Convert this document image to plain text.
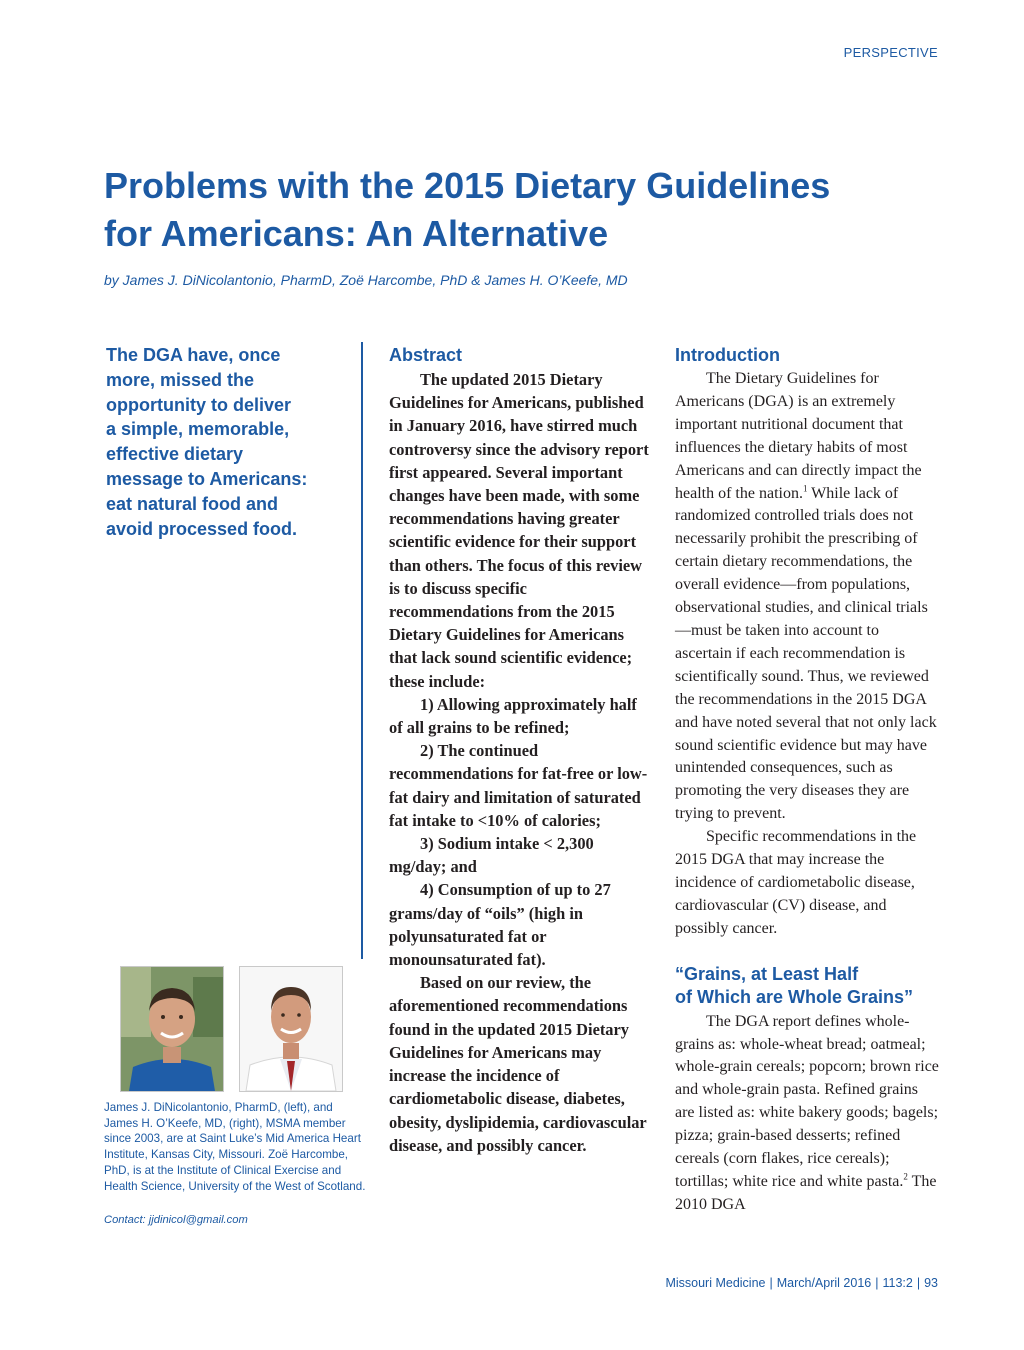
PERSPECTIVE
Problems with the 2015 Dietary Guidelines
for Americans: An Alternative
by James J. DiNicolantonio, PharmD, Zoë Harcombe, PhD & James H. O’Keefe, MD
The DGA have, once
more, missed the
opportunity to deliver
a simple, memorable,
effective dietary
message to Americans:
eat natural food and
avoid processed food.

James J. DiNicolantonio, PharmD, (left), and James H. O’Keefe, MD, (right), MSMA member since 2003, are at Saint Luke’s Mid America Heart Institute, Kansas City, Missouri. Zoë Harcombe, PhD, is at the Institute of Clinical Exercise and Health Science, University of the West of Scotland.

Contact: jjdinicol@gmail.com
Abstract

The updated 2015 Dietary Guidelines for Americans, published in January 2016, have stirred much controversy since the advisory report first appeared. Several important changes have been made, with some recommendations having greater scientific evidence for their support than others. The focus of this review is to discuss specific recommendations from the 2015 Dietary Guidelines for Americans that lack sound scientific evidence; these include:

1) Allowing approximately half of all grains to be refined;

2) The continued recommendations for fat-free or low-fat dairy and limitation of saturated fat intake to <10% of calories;

3) Sodium intake < 2,300 mg/day; and

4) Consumption of up to 27 grams/day of “oils” (high in polyunsaturated fat or monounsaturated fat).

Based on our review, the aforementioned recommendations found in the updated 2015 Dietary Guidelines for Americans may increase the incidence of cardiometabolic disease, diabetes, obesity, dyslipidemia, cardiovascular disease, and possibly cancer.

Introduction

The Dietary Guidelines for Americans (DGA) is an extremely important nutritional document that influences the dietary habits of most Americans and can directly impact the health of the nation.$^1$ While lack of randomized controlled trials does not necessarily prohibit the prescribing of certain dietary recommendations, the overall evidence—from populations, observational studies, and clinical trials—must be taken into account to ascertain if each recommendation is scientifically sound. Thus, we reviewed the recommendations in the 2015 DGA and have noted several that not only lack sound scientific evidence but may have unintended consequences, such as promoting the very diseases they are trying to prevent.

Specific recommendations in the 2015 DGA that may increase the incidence of cardiometabolic disease, cardiovascular (CV) disease, and possibly cancer.

“Grains, at Least Half
of Which are Whole Grains”

The DGA report defines whole-grains as: whole-wheat bread; oatmeal; whole-grain cereals; popcorn; brown rice and whole-grain pasta. Refined grains are listed as: white bakery goods; bagels; pizza; grain-based desserts; refined cereals (corn flakes, rice cereals); tortillas; white rice and white pasta.$^2$ The 2010 DGA

Missouri Medicine | March/April 2016 | 113:2 | 93
